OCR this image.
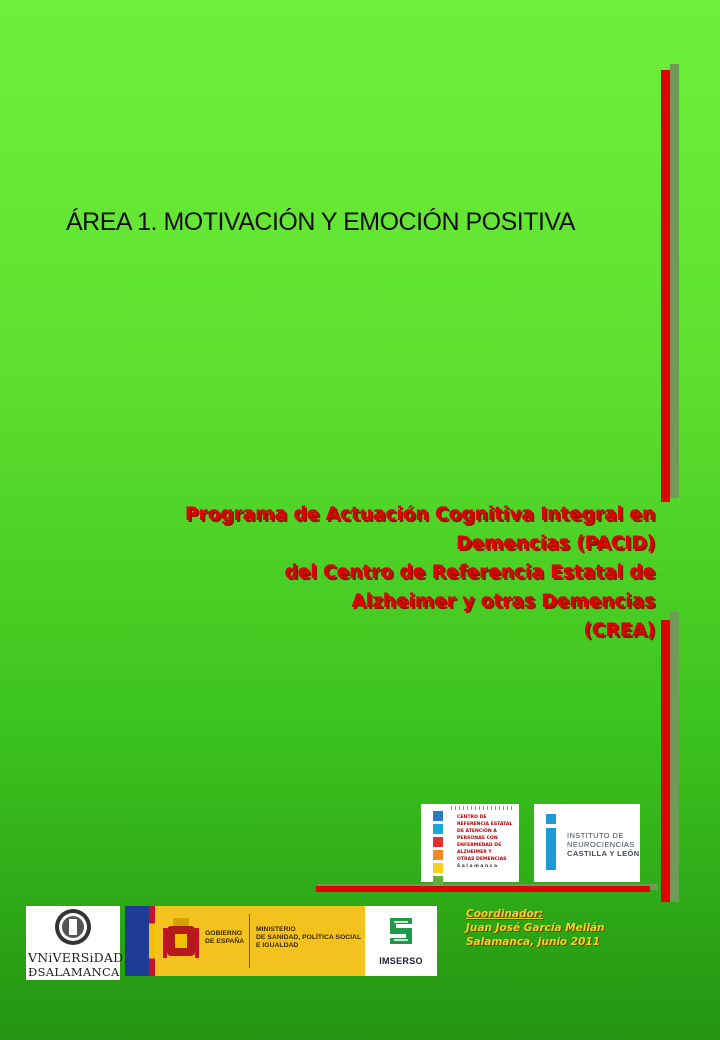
ÁREA 1. MOTIVACIÓN Y EMOCIÓN POSITIVA
Programa de Actuación Cognitiva Integral en
Demencias (PACID)
del Centro de Referencia Estatal de
Alzheimer y otras Demencias
(CREA)
CENTRO DE
REFERENCIA ESTATAL
DE ATENCIÓN A
PERSONAS CON
ENFERMEDAD DE
ALZHEIMER Y
OTRAS DEMENCIAS
Salamanca
INSTITUTO DE
NEUROCIENCIAS
CASTILLA Y LEÓN
VNiVERSiDAD
ÐSALAMANCA
GOBIERNO
DE ESPAÑA
MINISTERIO
DE SANIDAD, POLÍTICA SOCIAL
E IGUALDAD
IMSERSO
Coordinador:
Juan José García Meilán
Salamanca, junio 2011
